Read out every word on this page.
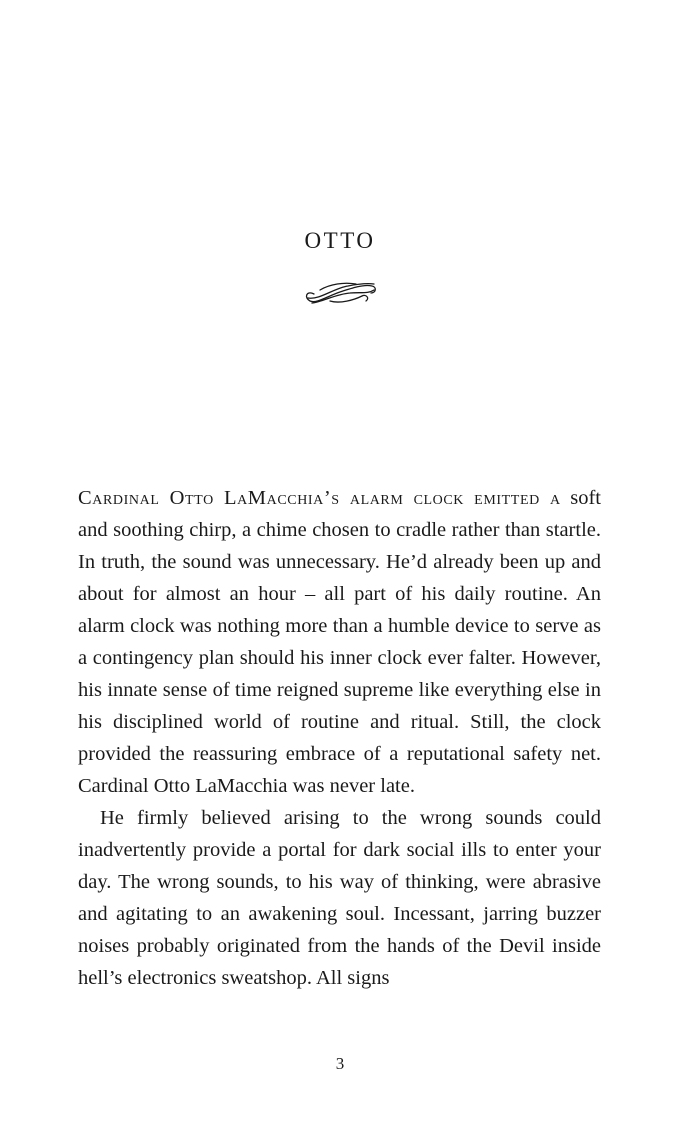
OTTO

Cardinal Otto LaMacchia’s alarm clock emitted a soft and soothing chirp, a chime chosen to cradle rather than startle. In truth, the sound was unnecessary. He’d already been up and about for almost an hour – all part of his daily routine. An alarm clock was nothing more than a humble device to serve as a contingency plan should his inner clock ever falter. However, his innate sense of time reigned supreme like everything else in his disciplined world of routine and ritual. Still, the clock provided the reassuring embrace of a reputational safety net. Cardinal Otto LaMacchia was never late.

He firmly believed arising to the wrong sounds could inadvertently provide a portal for dark social ills to enter your day. The wrong sounds, to his way of thinking, were abrasive and agitating to an awakening soul. Incessant, jarring buzzer noises probably originated from the hands of the Devil inside hell’s electronics sweatshop. All signs

3
